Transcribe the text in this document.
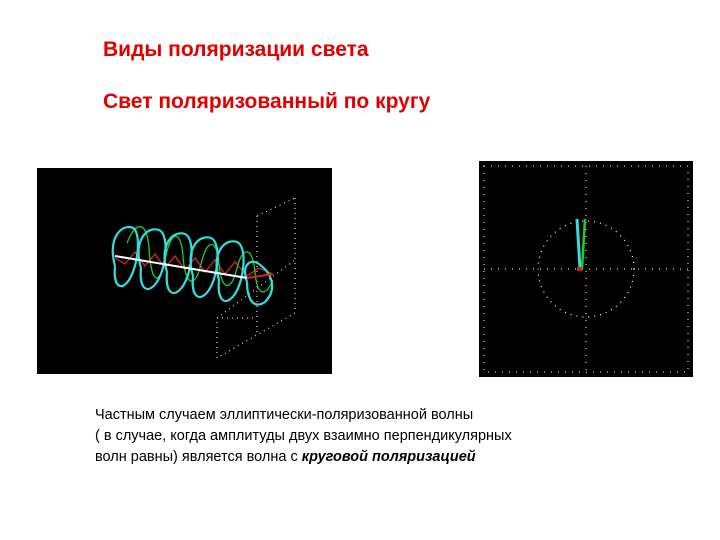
Виды поляризации света
Свет поляризованный по кругу
Частным случаем эллиптически-поляризованной волны
( в случае, когда амплитуды двух взаимно перпендикулярных
волн равны) является волна с круговой поляризацией
